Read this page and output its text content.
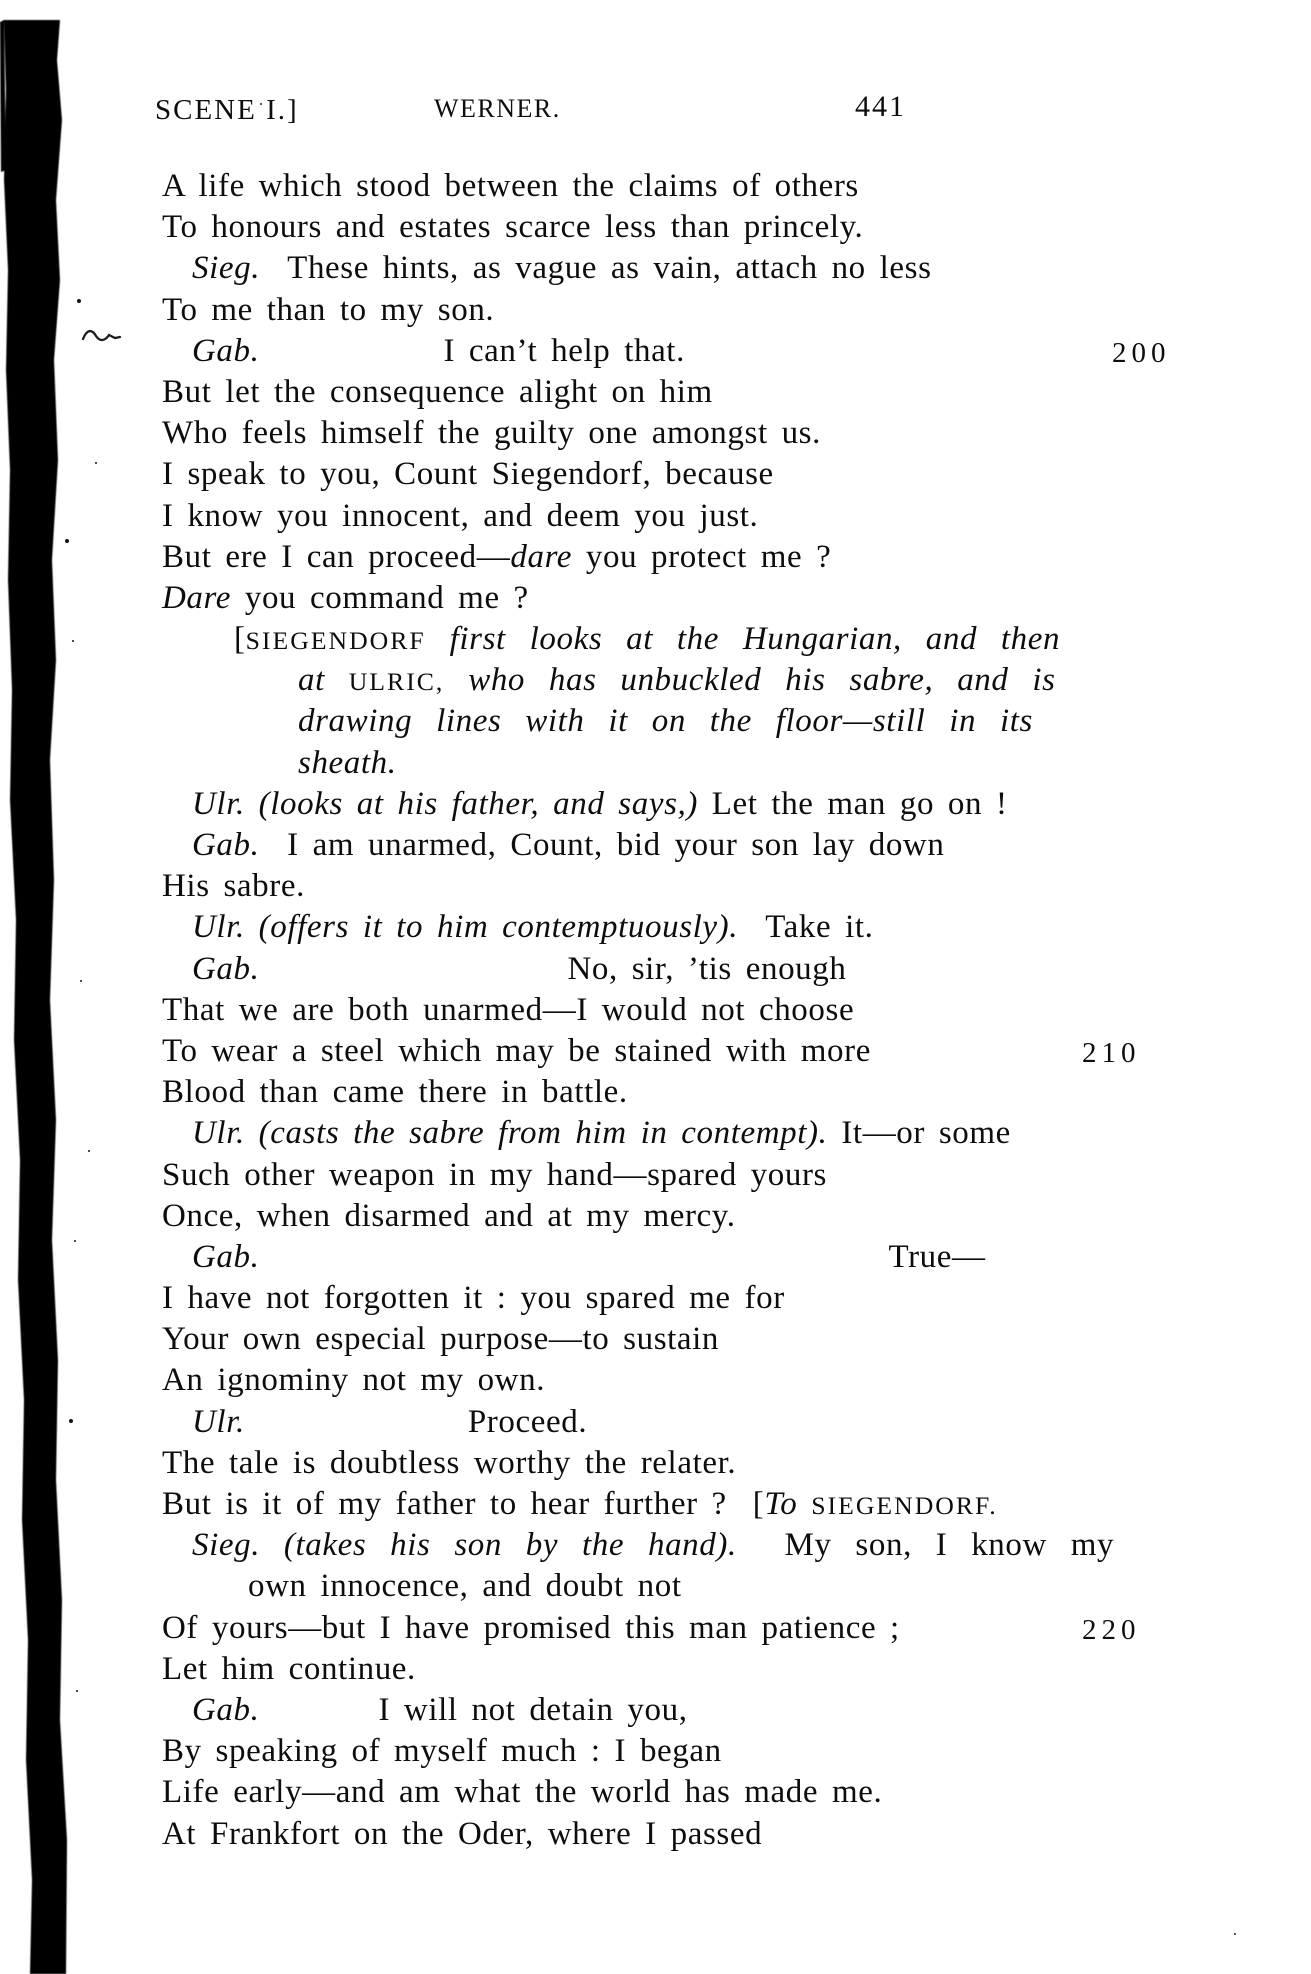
SCENE I.]	WERNER.	441
A life which stood between the claims of others
To honours and estates scarce less than princely.
Sieg.  These hints, as vague as vain, attach no less
To me than to my son.
Gab.	I can’t help that.	200
But let the consequence alight on him
Who feels himself the guilty one amongst us.
I speak to you, Count Siegendorf, because
I know you innocent, and deem you just.
But ere I can proceed—dare you protect me ?
Dare you command me ?
[SIEGENDORF first looks at the Hungarian, and then
at ULRIC, who has unbuckled his sabre, and is
drawing lines with it on the floor—still in its
sheath.
Ulr. (looks at his father, and says,) Let the man go on !
Gab.  I am unarmed, Count, bid your son lay down
His sabre.
Ulr. (offers it to him contemptuously).  Take it.
Gab.	No, sir, ’tis enough
That we are both unarmed—I would not choose
To wear a steel which may be stained with more	210
Blood than came there in battle.
Ulr. (casts the sabre from him in contempt). It—or some
Such other weapon in my hand—spared yours
Once, when disarmed and at my mercy.
Gab.	True—
I have not forgotten it : you spared me for
Your own especial purpose—to sustain
An ignominy not my own.
Ulr.	Proceed.
The tale is doubtless worthy the relater.
But is it of my father to hear further ? [To SIEGENDORF.
Sieg. (takes his son by the hand).  My son, I know my
own innocence, and doubt not
Of yours—but I have promised this man patience ;	220
Let him continue.
Gab.	I will not detain you,
By speaking of myself much : I began
Life early—and am what the world has made me.
At Frankfort on the Oder, where I passed
